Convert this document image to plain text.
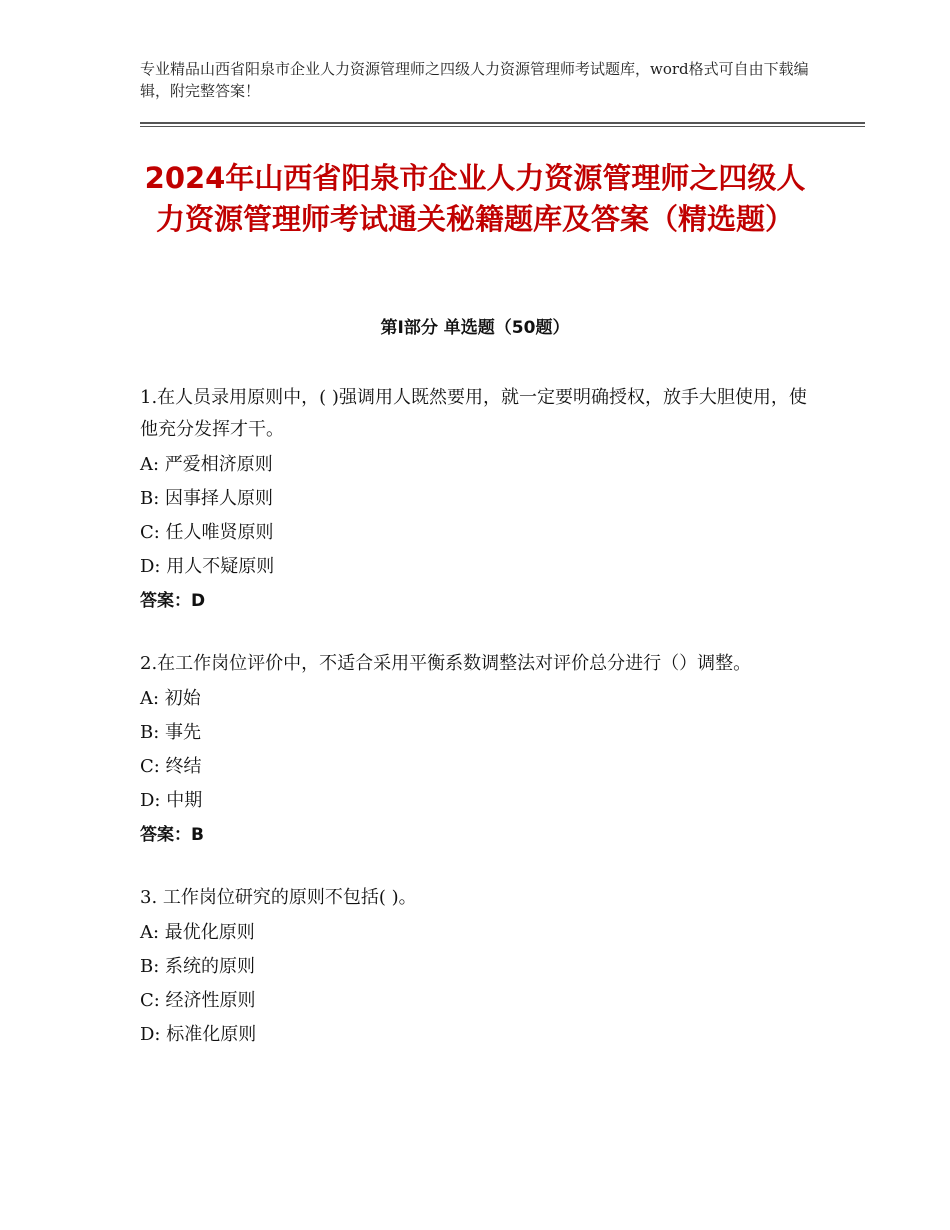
专业精品山西省阳泉市企业人力资源管理师之四级人力资源管理师考试题库，word格式可自由下载编辑，附完整答案！
2024年山西省阳泉市企业人力资源管理师之四级人力资源管理师考试通关秘籍题库及答案（精选题）
第Ⅰ部分 单选题（50题）

1.在人员录用原则中，( )强调用人既然要用，就一定要明确授权，放手大胆使用，使他充分发挥才干。

A: 严爱相济原则

B: 因事择人原则

C: 任人唯贤原则

D: 用人不疑原则

答案：D

2.在工作岗位评价中，不适合采用平衡系数调整法对评价总分进行（）调整。

A: 初始

B: 事先

C: 终结

D: 中期

答案：B

3. 工作岗位研究的原则不包括( )。

A: 最优化原则

B: 系统的原则

C: 经济性原则

D: 标准化原则
